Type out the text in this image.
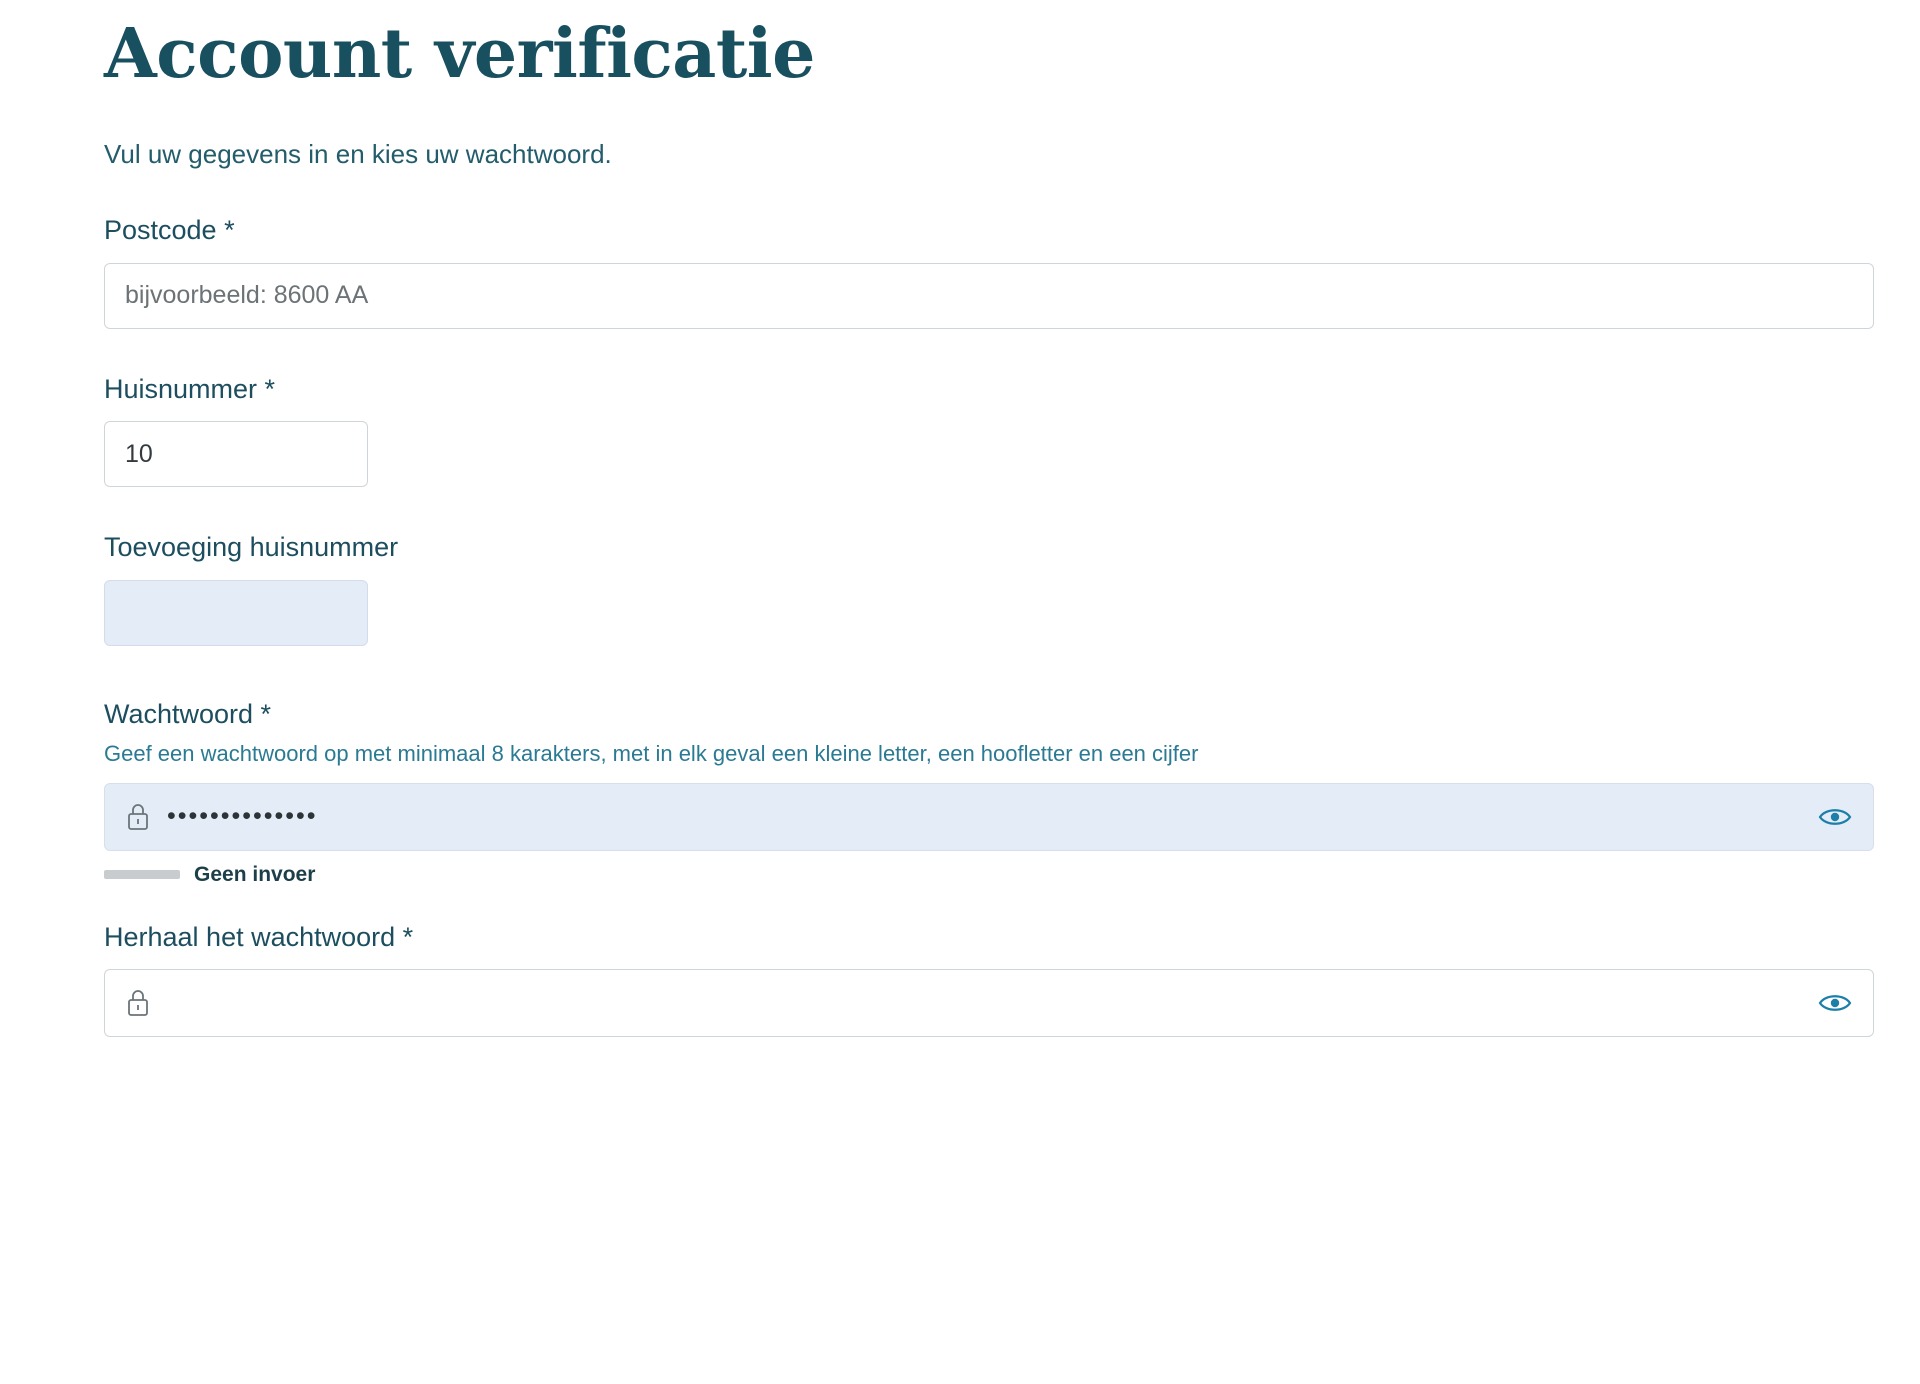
Account verificatie

Vul uw gegevens in en kies uw wachtwoord.

Postcode *
bijvoorbeeld: 8600 AA
Huisnummer *
10
Toevoeging huisnummer
Wachtwoord *
Geef een wachtwoord op met minimaal 8 karakters, met in elk geval een kleine letter, een hoofletter en een cijfer
••••••••••••••
Geen invoer
Herhaal het wachtwoord *
